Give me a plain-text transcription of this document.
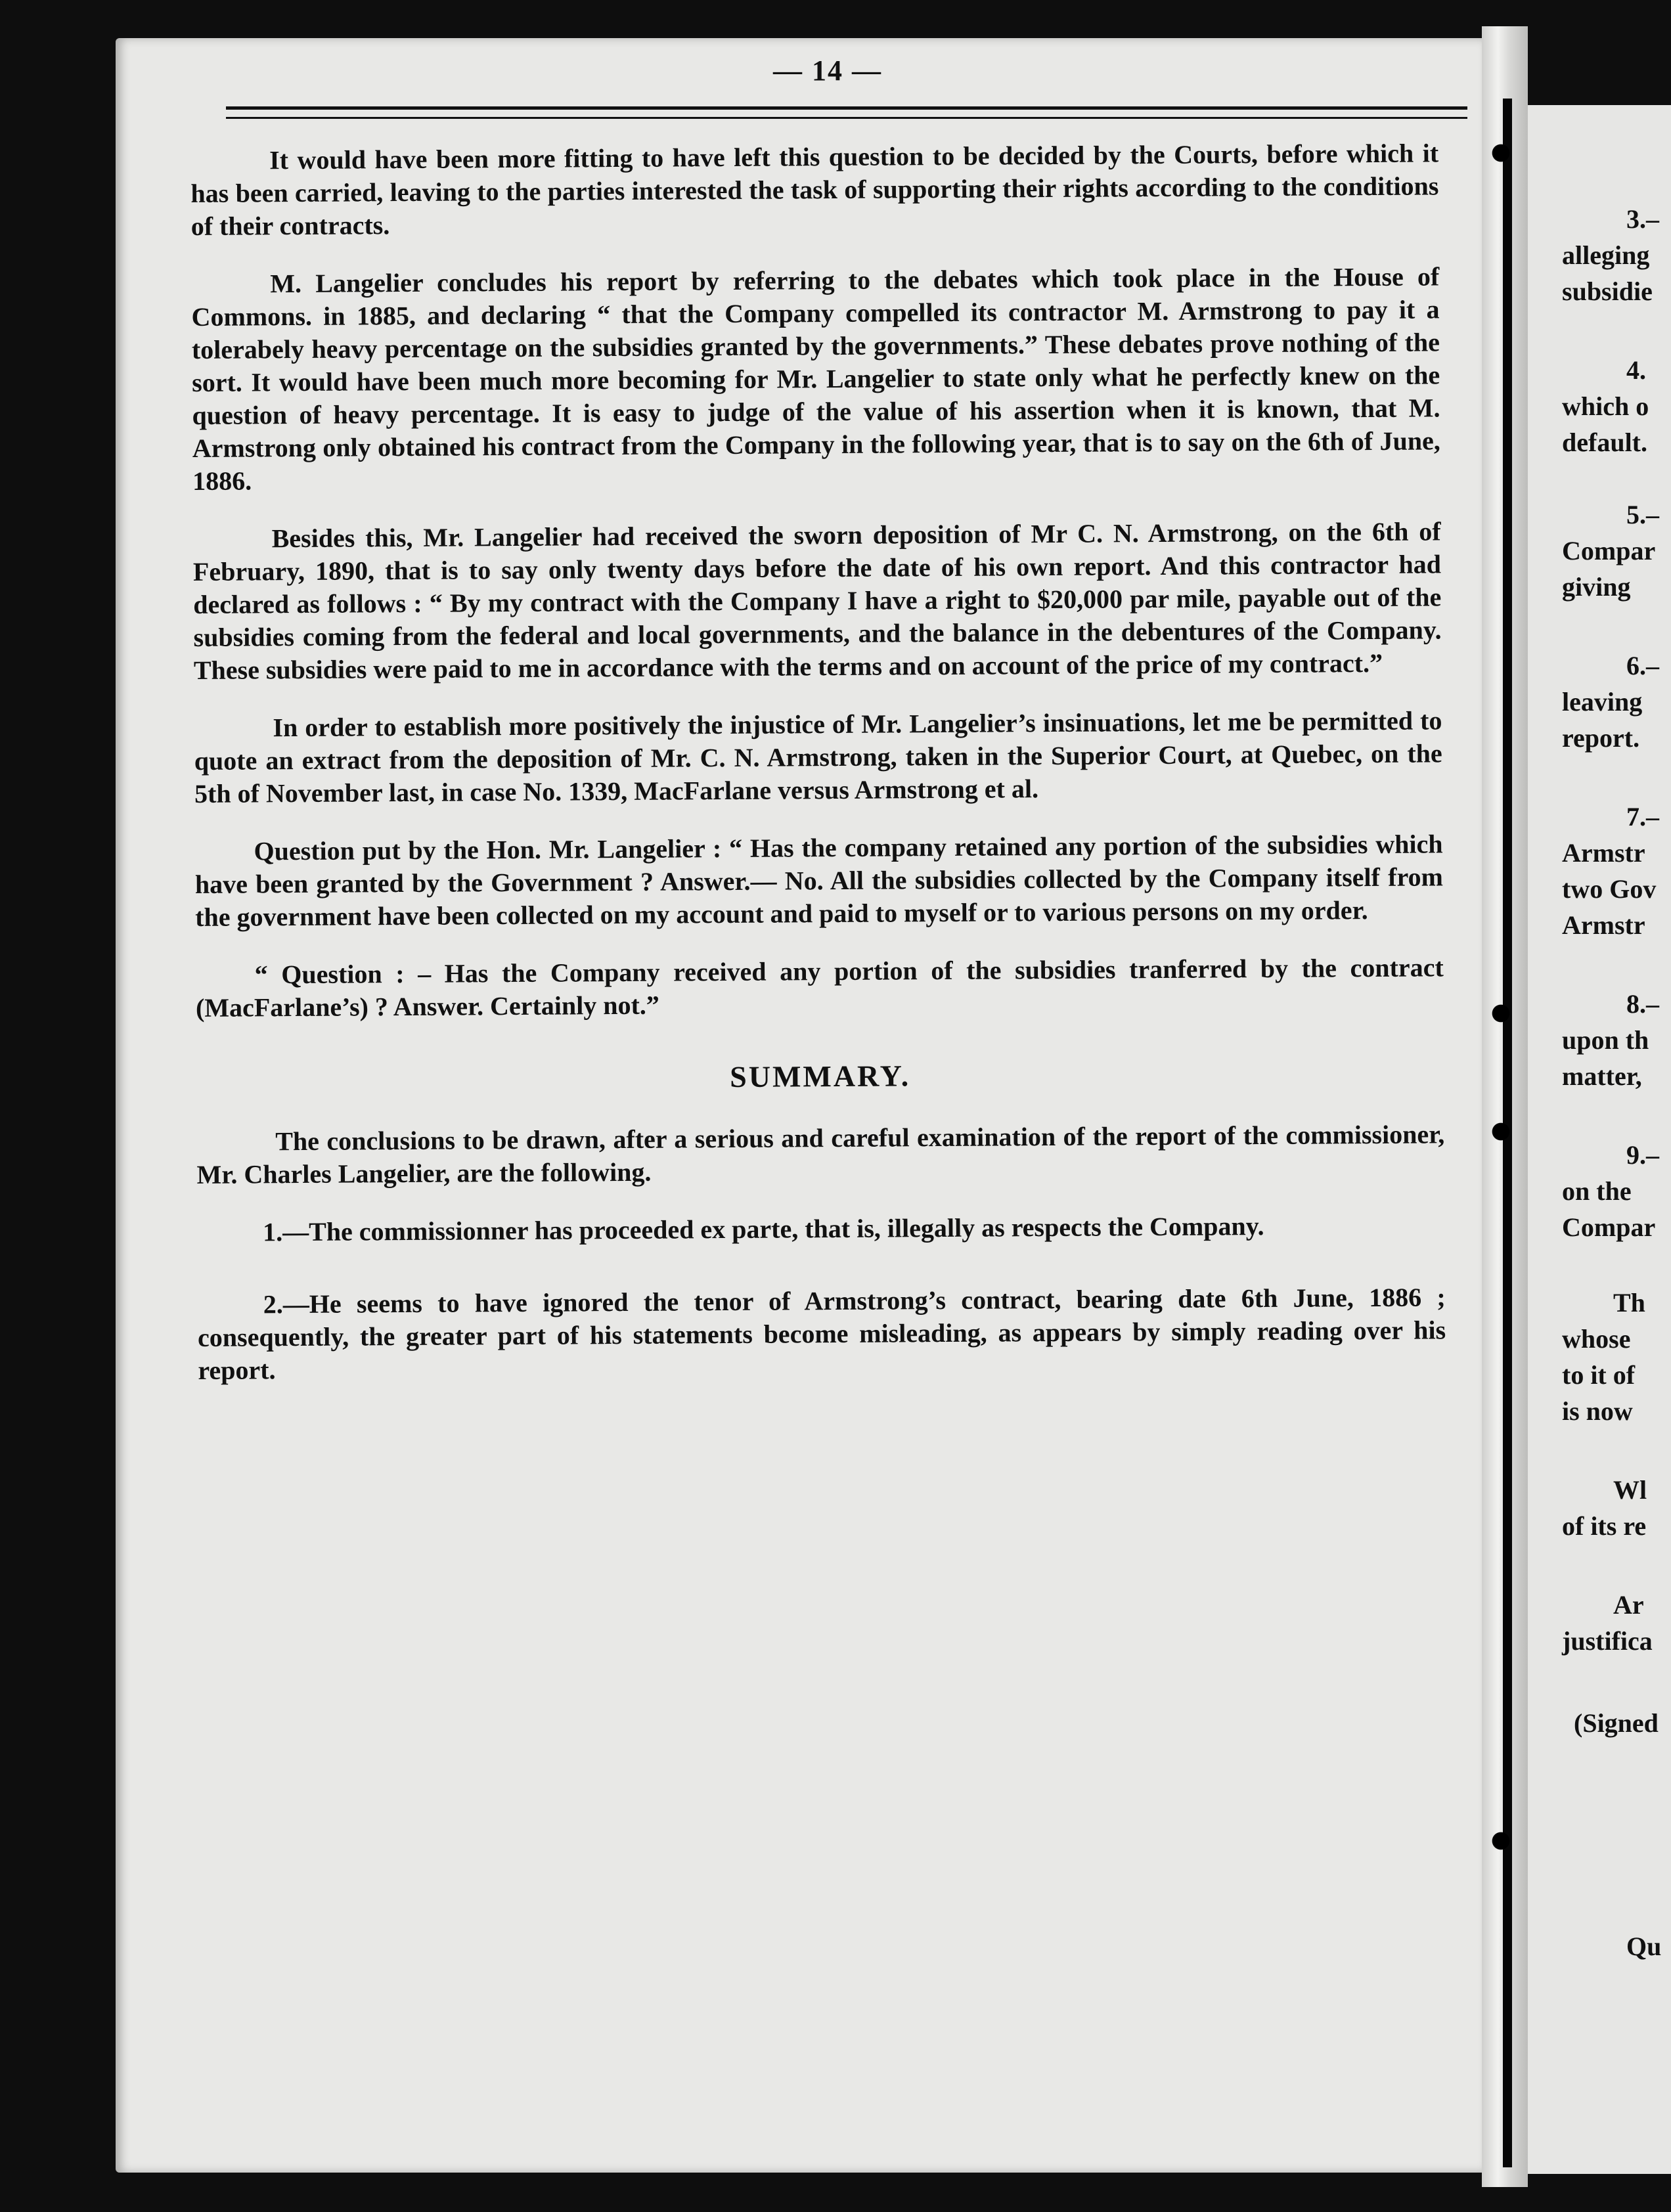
— 14 —

It would have been more fitting to have left this question to be decided by the Courts, before which it has been carried, leaving to the parties interested the task of supporting their rights according to the conditions of their contracts.

M. Langelier concludes his report by referring to the debates which took place in the House of Commons. in 1885, and declaring “ that the Company compelled its contractor M. Armstrong to pay it a tolerabely heavy percentage on the subsidies granted by the governments.” These debates prove nothing of the sort. It would have been much more becoming for Mr. Langelier to state only what he perfectly knew on the question of heavy percentage. It is easy to judge of the value of his assertion when it is known, that M. Armstrong only obtained his contract from the Company in the following year, that is to say on the 6th of June, 1886.

Besides this, Mr. Langelier had received the sworn deposition of Mr C. N. Armstrong, on the 6th of February, 1890, that is to say only twenty days before the date of his own report. And this contractor had declared as follows : “ By my contract with the Company I have a right to $20,000 par mile, payable out of the subsidies coming from the federal and local governments, and the balance in the debentures of the Company. These subsidies were paid to me in accordance with the terms and on account of the price of my contract.”

In order to establish more positively the injustice of Mr. Langelier’s insinuations, let me be permitted to quote an extract from the deposition of Mr. C. N. Armstrong, taken in the Superior Court, at Quebec, on the 5th of November last, in case No. 1339, MacFarlane versus Armstrong et al.

Question put by the Hon. Mr. Langelier : “ Has the company retained any portion of the subsidies which have been granted by the Government ? Answer.— No. All the subsidies collected by the Company itself from the government have been collected on my account and paid to myself or to various persons on my order.

“ Question : – Has the Company received any portion of the subsidies tranferred by the contract (MacFarlane’s) ? Answer. Certainly not.”

SUMMARY.

The conclusions to be drawn, after a serious and careful examination of the report of the commissioner, Mr. Charles Langelier, are the following.

1.—The commissionner has proceeded ex parte, that is, illegally as respects the Company.

2.—He seems to have ignored the tenor of Armstrong’s contract, bearing date 6th June, 1886 ; consequently, the greater part of his statements become misleading, as appears by simply reading over his report.

3.–
alleging
subsidie
4.
which o
default.
5.–
Compar
giving
6.–
leaving
report.
7.–
Armstr
two Gov
Armstr
8.–
upon th
matter,
9.–
on the
Compar
Th
whose
to it of
is now
Wl
of its re
Ar
justifica
(Signed
Qu
